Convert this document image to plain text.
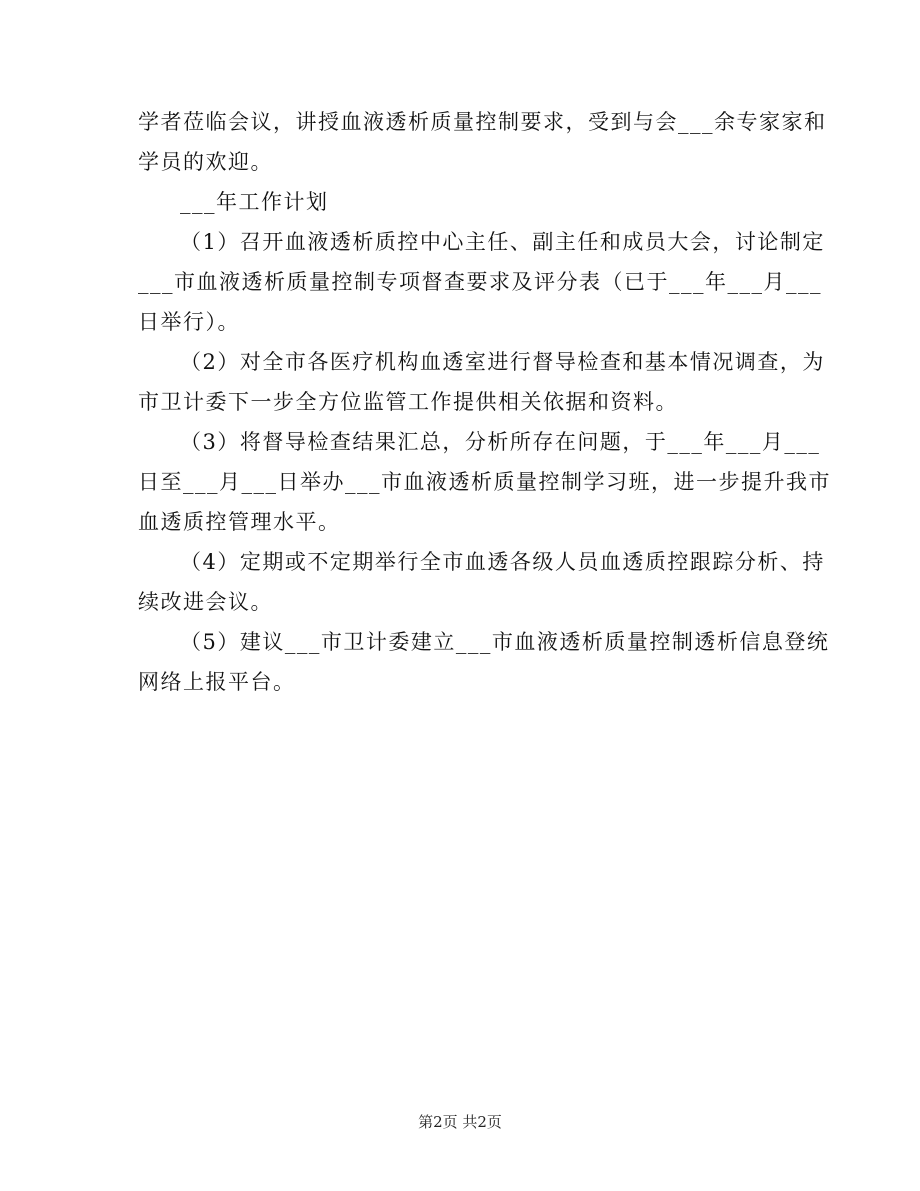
学者莅临会议，讲授血液透析质量控制要求，受到与会___余专家家和
学员的欢迎。
___年工作计划
（1）召开血液透析质控中心主任、副主任和成员大会，讨论制定
___市血液透析质量控制专项督查要求及评分表（已于___年___月___
日举行）。
（2）对全市各医疗机构血透室进行督导检查和基本情况调查，为
市卫计委下一步全方位监管工作提供相关依据和资料。
（3）将督导检查结果汇总，分析所存在问题，于___年___月___
日至___月___日举办___市血液透析质量控制学习班，进一步提升我市
血透质控管理水平。
（4）定期或不定期举行全市血透各级人员血透质控跟踪分析、持
续改进会议。
（5）建议___市卫计委建立___市血液透析质量控制透析信息登统
网络上报平台。
第2页 共2页
